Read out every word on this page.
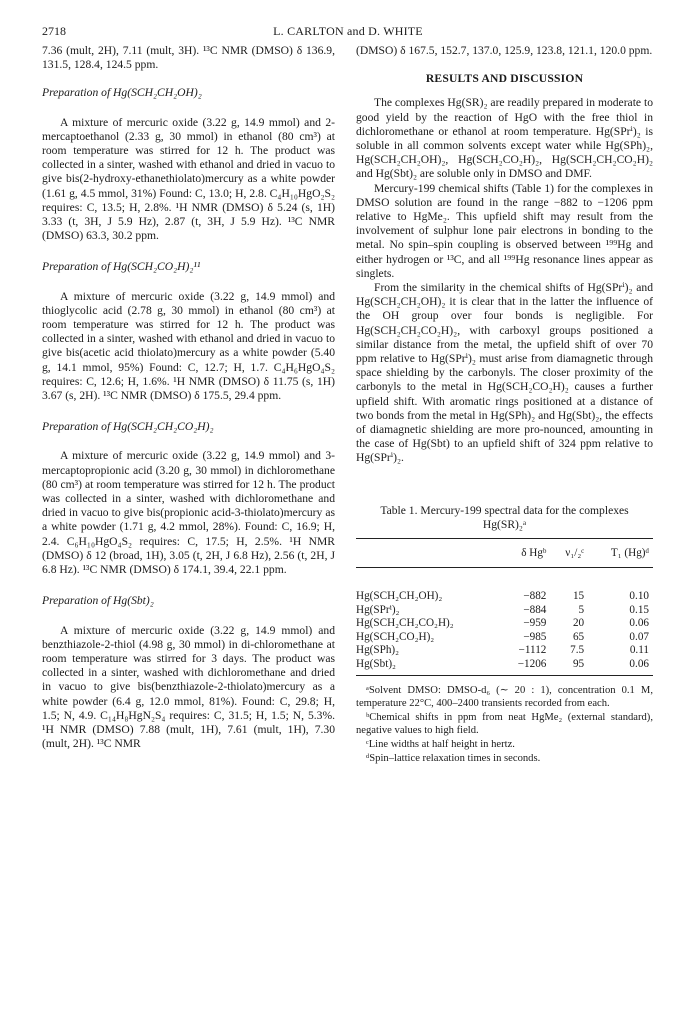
2718	L. CARLTON and D. WHITE

7.36 (mult, 2H), 7.11 (mult, 3H). ¹³C NMR (DMSO) δ 136.9, 131.5, 128.4, 124.5 ppm.

Preparation of Hg(SCH₂CH₂OH)₂

A mixture of mercuric oxide (3.22 g, 14.9 mmol) and 2-mercaptoethanol (2.33 g, 30 mmol) in ethanol (80 cm³) at room temperature was stirred for 12 h. The product was collected in a sinter, washed with ethanol and dried in vacuo to give bis(2-hydroxy-ethanethiolato)mercury as a white powder (1.61 g, 4.5 mmol, 31%) Found: C, 13.0; H, 2.8. C₄H₁₀HgO₂S₂ requires: C, 13.5; H, 2.8%. ¹H NMR (DMSO) δ 5.24 (s, 1H) 3.33 (t, 3H, J 5.9 Hz), 2.87 (t, 3H, J 5.9 Hz). ¹³C NMR (DMSO) 63.3, 30.2 ppm.

Preparation of Hg(SCH₂CO₂H)₂¹¹

A mixture of mercuric oxide (3.22 g, 14.9 mmol) and thioglycolic acid (2.78 g, 30 mmol) in ethanol (80 cm³) at room temperature was stirred for 12 h. The product was collected in a sinter, washed with ethanol and dried in vacuo to give bis(acetic acid thiolato)mercury as a white powder (5.40 g, 14.1 mmol, 95%) Found: C, 12.7; H, 1.7. C₄H₆HgO₄S₂ requires: C, 12.6; H, 1.6%. ¹H NMR (DMSO) δ 11.75 (s, 1H) 3.67 (s, 2H). ¹³C NMR (DMSO) δ 175.5, 29.4 ppm.

Preparation of Hg(SCH₂CH₂CO₂H)₂

A mixture of mercuric oxide (3.22 g, 14.9 mmol) and 3-mercaptopropionic acid (3.20 g, 30 mmol) in dichloromethane (80 cm³) at room temperature was stirred for 12 h. The product was collected in a sinter, washed with dichloromethane and dried in vacuo to give bis(propionic acid-3-thiolato)mercury as a white powder (1.71 g, 4.2 mmol, 28%). Found: C, 16.9; H, 2.4. C₆H₁₀HgO₄S₂ requires: C, 17.5; H, 2.5%. ¹H NMR (DMSO) δ 12 (broad, 1H), 3.05 (t, 2H, J 6.8 Hz), 2.56 (t, 2H, J 6.8 Hz). ¹³C NMR (DMSO) δ 174.1, 39.4, 22.1 ppm.

Preparation of Hg(Sbt)₂

A mixture of mercuric oxide (3.22 g, 14.9 mmol) and benzthiazole-2-thiol (4.98 g, 30 mmol) in di-chloromethane at room temperature was stirred for 3 days. The product was collected in a sinter, washed with dichloromethane and dried in vacuo to give bis(benzthiazole-2-thiolato)mercury as a white powder (6.4 g, 12.0 mmol, 81%). Found: C, 29.8; H, 1.5; N, 4.9. C₁₄H₈HgN₂S₄ requires: C, 31.5; H, 1.5; N, 5.3%. ¹H NMR (DMSO) 7.88 (mult, 1H), 7.61 (mult, 1H), 7.30 (mult, 2H). ¹³C NMR

(DMSO) δ 167.5, 152.7, 137.0, 125.9, 123.8, 121.1, 120.0 ppm.

RESULTS AND DISCUSSION

The complexes Hg(SR)₂ are readily prepared in moderate to good yield by the reaction of HgO with the free thiol in dichloromethane or ethanol at room temperature. Hg(SPrⁱ)₂ is soluble in all common solvents except water while Hg(SPh)₂, Hg(SCH₂CH₂OH)₂, Hg(SCH₂CO₂H)₂, Hg(SCH₂CH₂CO₂H)₂ and Hg(Sbt)₂ are soluble only in DMSO and DMF.

Mercury-199 chemical shifts (Table 1) for the complexes in DMSO solution are found in the range −882 to −1206 ppm relative to HgMe₂. This upfield shift may result from the involvement of sulphur lone pair electrons in bonding to the metal. No spin–spin coupling is observed between ¹⁹⁹Hg and either hydrogen or ¹³C, and all ¹⁹⁹Hg resonance lines appear as singlets.

From the similarity in the chemical shifts of Hg(SPrⁱ)₂ and Hg(SCH₂CH₂OH)₂ it is clear that in the latter the influence of the OH group over four bonds is negligible. For Hg(SCH₂CH₂CO₂H)₂, with carboxyl groups positioned a similar distance from the metal, the upfield shift of over 70 ppm relative to Hg(SPrⁱ)₂ must arise from diamagnetic through space shielding by the carbonyls. The closer proximity of the carbonyls to the metal in Hg(SCH₂CO₂H)₂ causes a further upfield shift. With aromatic rings positioned at a distance of two bonds from the metal in Hg(SPh)₂ and Hg(Sbt)₂, the effects of diamagnetic shielding are more pro-nounced, amounting in the case of Hg(Sbt) to an upfield shift of 324 ppm relative to Hg(SPrⁱ)₂.

Table 1. Mercury-199 spectral data for the complexes
Hg(SR)₂ᵃ
	δ Hgᵇ	ν₁/₂ᶜ	T₁ (Hg)ᵈ
Hg(SCH₂CH₂OH)₂	−882	15	0.10
Hg(SPrⁱ)₂	−884	5	0.15
Hg(SCH₂CH₂CO₂H)₂	−959	20	0.06
Hg(SCH₂CO₂H)₂	−985	65	0.07
Hg(SPh)₂	−1112	7.5	0.11
Hg(Sbt)₂	−1206	95	0.06

ᵃSolvent DMSO: DMSO-d₆ (∼ 20 : 1), concentration 0.1 M, temperature 22°C, 400–2400 transients recorded from each.

ᵇChemical shifts in ppm from neat HgMe₂ (external standard), negative values to high field.

ᶜLine widths at half height in hertz.

ᵈSpin–lattice relaxation times in seconds.
